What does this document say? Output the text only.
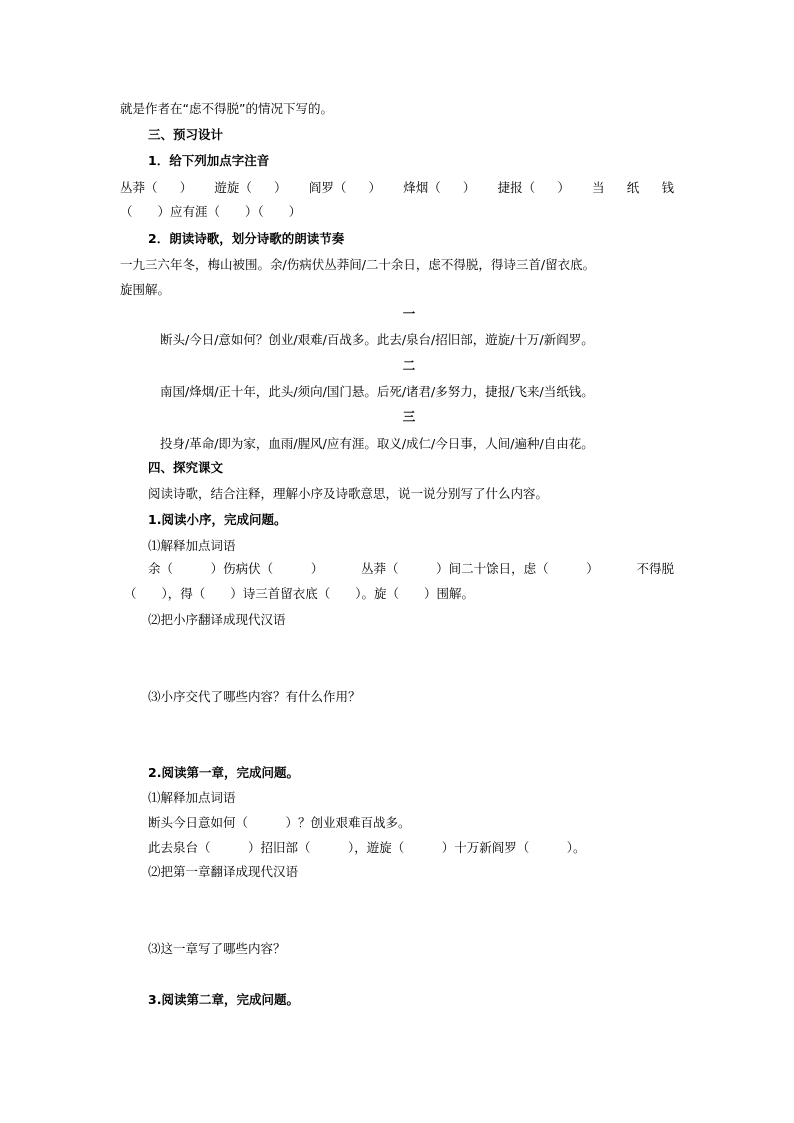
就是作者在“虑不得脱”的情况下写的。
三、预习设计
1．给下列加点字注音
丛莽（ ） 遊旋（ ） 阎罗（ ） 烽烟（ ） 捷报（ ） 当 纸 钱
（　　）应有涯（　　）（　　）
2．朗读诗歌，划分诗歌的朗读节奏
一九三六年冬，梅山被围。余/伤病伏丛莽间/二十余日，虑不得脱，得诗三首/留衣底。
旋围解。
一
断头/今日/意如何？创业/艰难/百战多。此去/泉台/招旧部，遊旋/十万/新阎罗。
二
南国/烽烟/正十年，此头/须向/国门悬。后死/诸君/多努力，捷报/飞来/当纸钱。
三
投身/革命/即为家，血雨/腥风/应有涯。取义/成仁/今日事，人间/遍种/自由花。
四、探究课文
阅读诗歌，结合注释，理解小序及诗歌意思，说一说分别写了什么内容。
1.阅读小序，完成问题。
⑴解释加点词语
余（	）伤病伏（	）	丛莽（	）间二十馀日，虑（	）	不得脱
（　　），得（　　）诗三首留衣底（　　）。旋（　　）围解。
⑵把小序翻译成现代汉语
⑶小序交代了哪些内容？有什么作用？
2.阅读第一章，完成问题。
⑴解释加点词语
断头今日意如何（　　　）？创业艰难百战多。
此去泉台（　　　）招旧部（　　　），遊旋（　　　）十万新阎罗（　　　）。
⑵把第一章翻译成现代汉语
⑶这一章写了哪些内容？
3.阅读第二章，完成问题。
